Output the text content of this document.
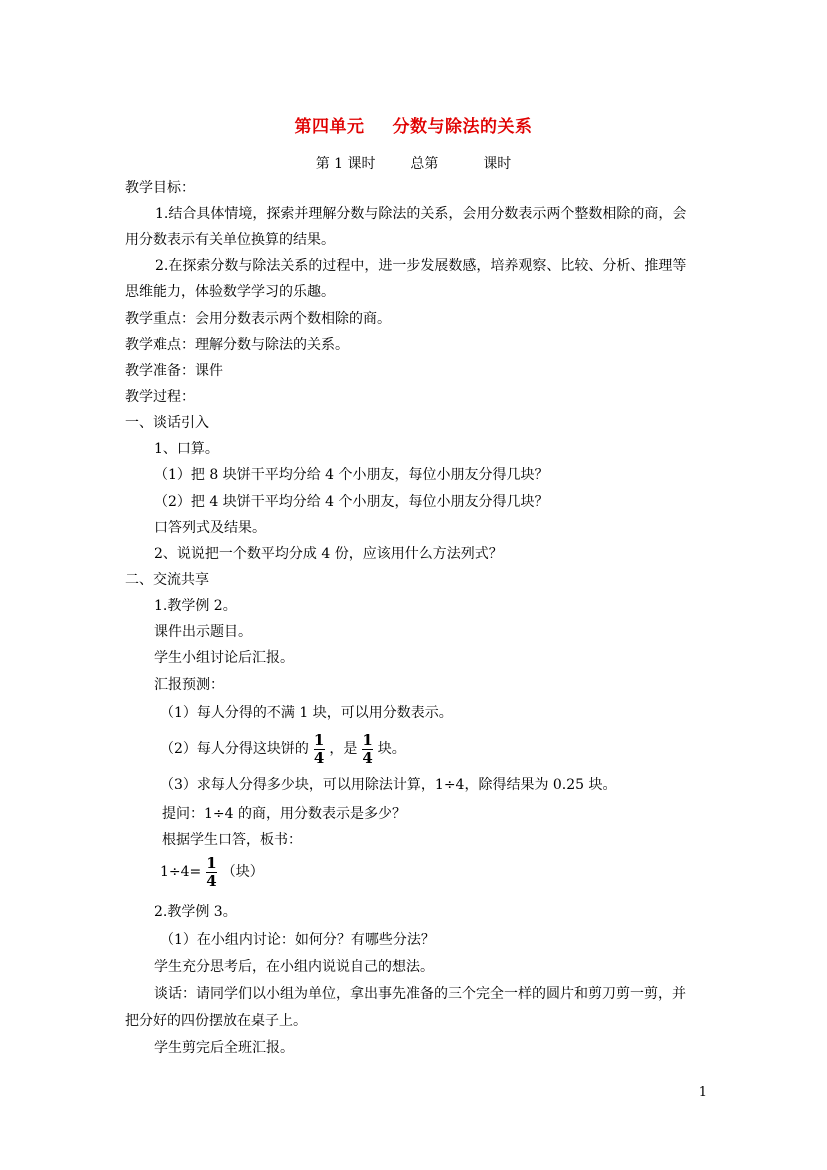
第四单元 分数与除法的关系
第 1 课时 总第	课时
教学目标：
1.结合具体情境，探索并理解分数与除法的关系，会用分数表示两个整数相除的商，会
用分数表示有关单位换算的结果。
2.在探索分数与除法关系的过程中，进一步发展数感，培养观察、比较、分析、推理等
思维能力，体验数学学习的乐趣。
教学重点：会用分数表示两个数相除的商。
教学难点：理解分数与除法的关系。
教学准备：课件
教学过程：
一、谈话引入
1、口算。
（1）把 8 块饼干平均分给 4 个小朋友，每位小朋友分得几块？
（2）把 4 块饼干平均分给 4 个小朋友，每位小朋友分得几块？
口答列式及结果。
2、说说把一个数平均分成 4 份，应该用什么方法列式？
二、交流共享
1.教学例 2。
课件出示题目。
学生小组讨论后汇报。
汇报预测：
（1）每人分得的不满 1 块，可以用分数表示。
（2）每人分得这块饼的 $\frac{1}{4}$ ，是 $\frac{1}{4}$ 块。
（3）求每人分得多少块，可以用除法计算，1÷4，除得结果为 0.25 块。
提问：1÷4 的商，用分数表示是多少？
根据学生口答，板书：
$1\div 4= \frac{1}{4}$ （块）
2.教学例 3。
（1）在小组内讨论：如何分？有哪些分法？
学生充分思考后，在小组内说说自己的想法。
谈话：请同学们以小组为单位，拿出事先准备的三个完全一样的圆片和剪刀剪一剪，并
把分好的四份摆放在桌子上。
学生剪完后全班汇报。
1
